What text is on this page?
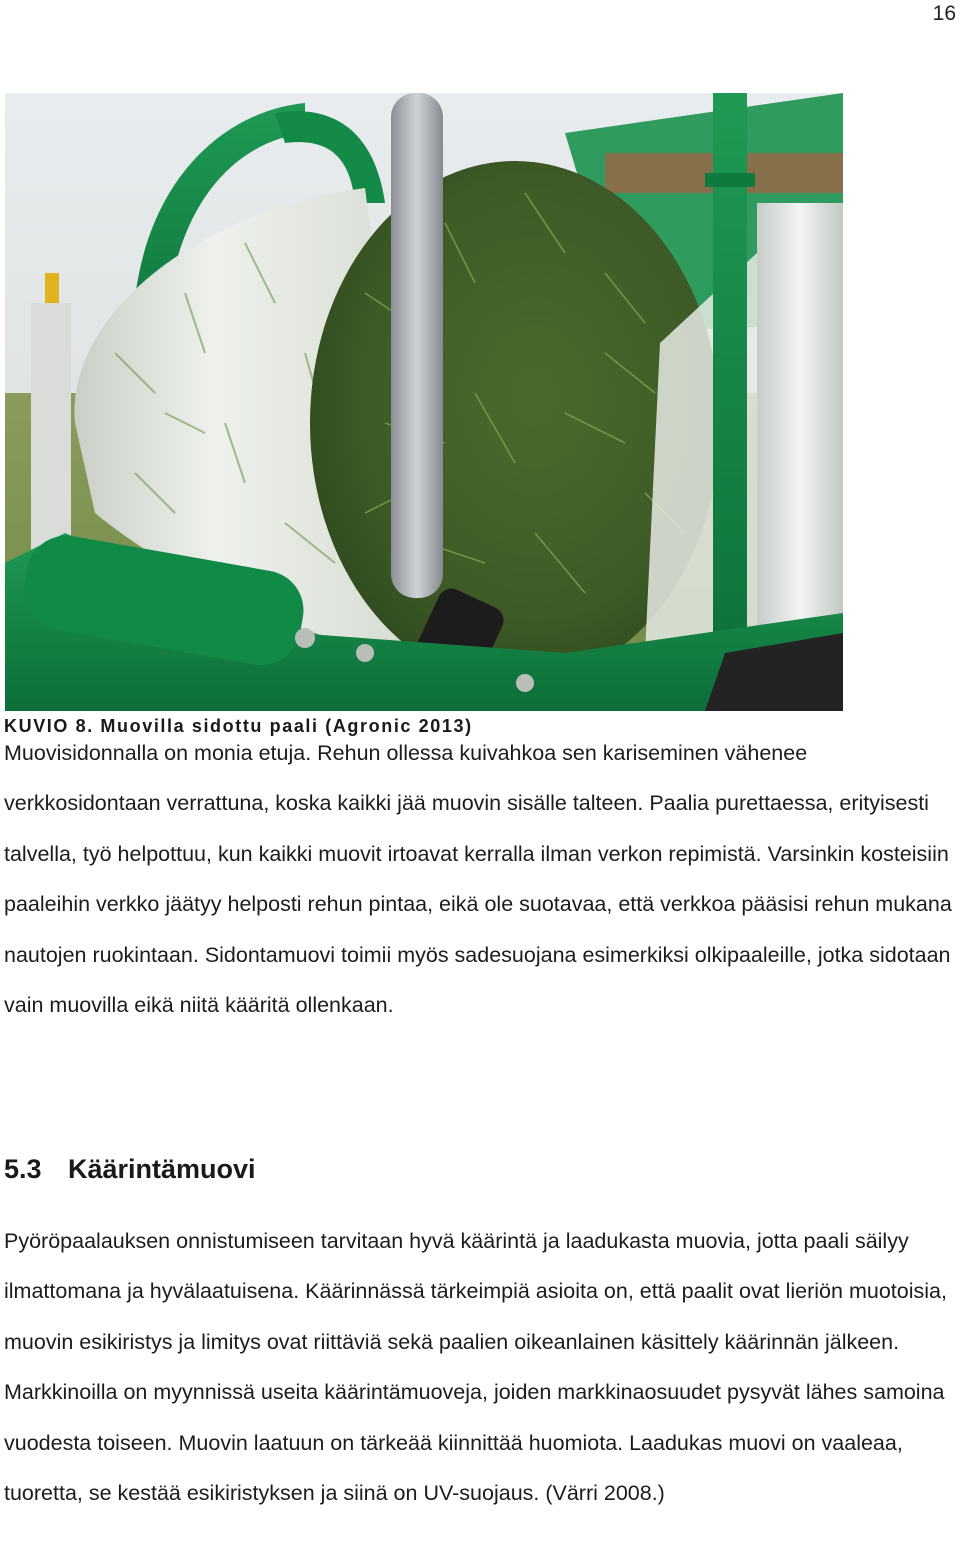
16
KUVIO 8. Muovilla sidottu paali (Agronic 2013)

Muovisidonnalla on monia etuja. Rehun ollessa kuivahkoa sen kariseminen vähenee verkkosidontaan verrattuna, koska kaikki jää muovin sisälle talteen. Paalia purettaessa, erityisesti talvella, työ helpottuu, kun kaikki muovit irtoavat kerralla ilman verkon repimistä. Varsinkin kosteisiin paaleihin verkko jäätyy helposti rehun pintaa, eikä ole suotavaa, että verkkoa pääsisi rehun mukana nautojen ruokintaan. Sidontamuovi toimii myös sadesuojana esimerkiksi olkipaaleille, jotka sidotaan vain muovilla eikä niitä kääritä ollenkaan.

5.3 Käärintämuovi

Pyöröpaalauksen onnistumiseen tarvitaan hyvä käärintä ja laadukasta muovia, jotta paali säilyy ilmattomana ja hyvälaatuisena. Käärinnässä tärkeimpiä asioita on, että paalit ovat lieriön muotoisia, muovin esikiristys ja limitys ovat riittäviä sekä paalien oikeanlainen käsittely käärinnän jälkeen. Markkinoilla on myynnissä useita käärintämuoveja, joiden markkinaosuudet pysyvät lähes samoina vuodesta toiseen. Muovin laatuun on tärkeää kiinnittää huomiota. Laadukas muovi on vaaleaa, tuoretta, se kestää esikiristyksen ja siinä on UV-suojaus. (Värri 2008.)
